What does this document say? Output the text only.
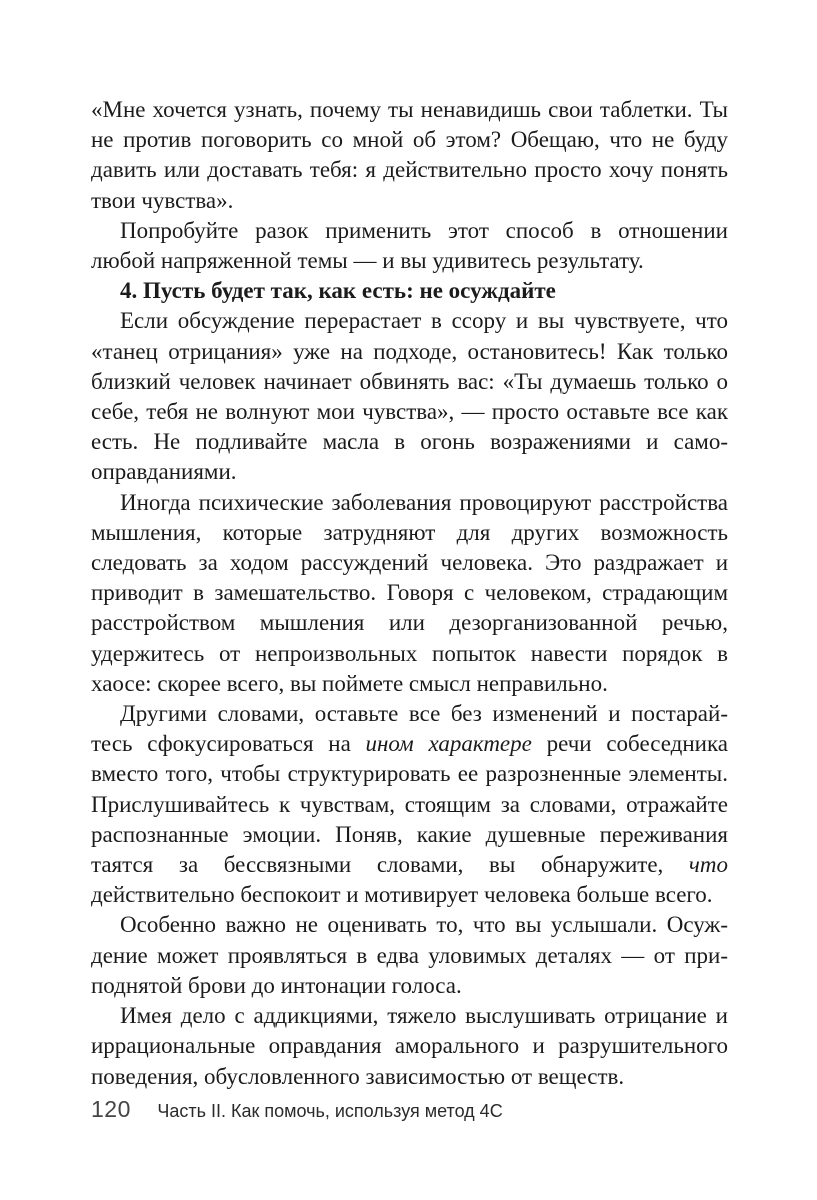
«Мне хочется узнать, почему ты ненавидишь свои таблетки. Ты не против поговорить со мной об этом? Обещаю, что не буду давить или доставать тебя: я действительно просто хочу понять твои чувства».

Попробуйте разок применить этот способ в отношении любой напряженной темы — и вы удивитесь результату.

4. Пусть будет так, как есть: не осуждайте

Если обсуждение перерастает в ссору и вы чувствуете, что «танец отрицания» уже на подходе, остановитесь! Как только близкий человек начинает обвинять вас: «Ты думаешь только о себе, тебя не волнуют мои чувства», — просто оставьте все как есть. Не подливайте масла в огонь возражениями и самооправданиями.

Иногда психические заболевания провоцируют расстройства мышления, которые затрудняют для других возможность следовать за ходом рассуждений человека. Это раздражает и приводит в замешательство. Говоря с человеком, страдающим расстройством мышления или дезорганизованной речью, удержитесь от непроизвольных попыток навести порядок в хаосе: скорее всего, вы поймете смысл неправильно.

Другими словами, оставьте все без изменений и постарайтесь сфокусироваться на ином характере речи собеседника вместо того, чтобы структурировать ее разрозненные элементы. Прислушивайтесь к чувствам, стоящим за словами, отражайте распознанные эмоции. Поняв, какие душевные переживания таятся за бессвязными словами, вы обнаружите, что действительно беспокоит и мотивирует человека больше всего.

Особенно важно не оценивать то, что вы услышали. Осуждение может проявляться в едва уловимых деталях — от приподнятой брови до интонации голоса.

Имея дело с аддикциями, тяжело выслушивать отрицание и иррациональные оправдания аморального и разрушительного поведения, обусловленного зависимостью от веществ.

120 Часть II. Как помочь, используя метод 4С
